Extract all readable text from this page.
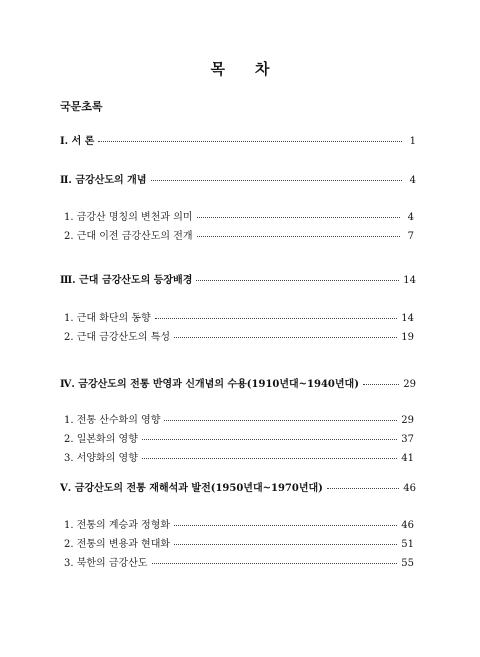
목 차
국문초록
Ⅰ. 서 론	1
Ⅱ. 금강산도의 개념	4
1. 금강산 명칭의 변천과 의미	4
2. 근대 이전 금강산도의 전개	7
Ⅲ. 근대 금강산도의 등장배경	14
1. 근대 화단의 동향	14
2. 근대 금강산도의 특성	19
Ⅳ. 금강산도의 전통 반영과 신개념의 수용(1910년대~1940년대)	29
1. 전통 산수화의 영향	29
2. 일본화의 영향	37
3. 서양화의 영향	41
Ⅴ. 금강산도의 전통 재해석과 발전(1950년대~1970년대)	46
1. 전통의 계승과 정형화	46
2. 전통의 변용과 현대화	51
3. 북한의 금강산도	55
